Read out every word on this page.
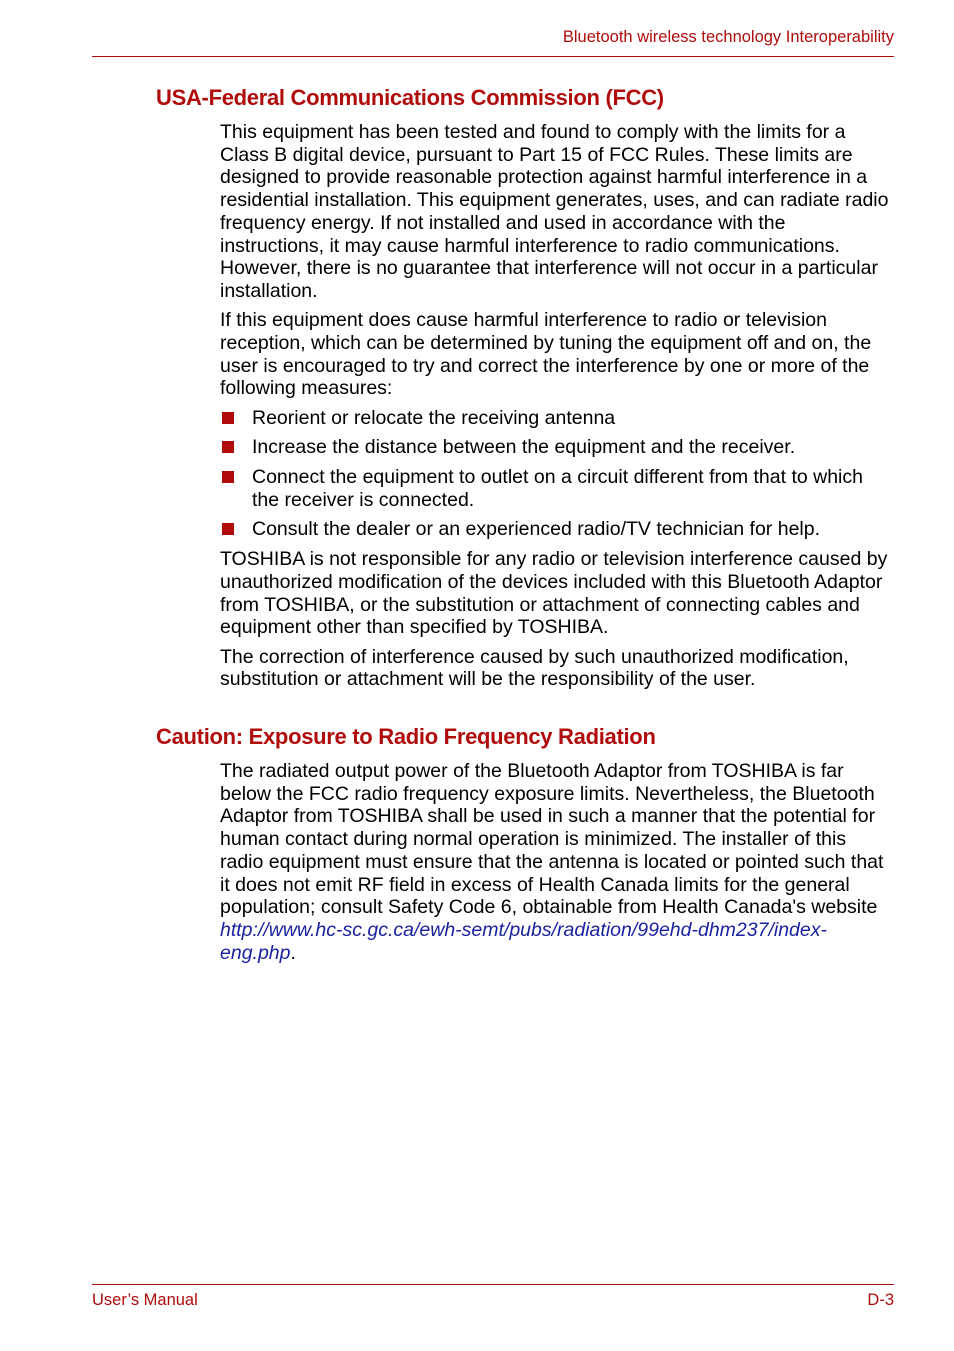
Bluetooth wireless technology Interoperability
USA-Federal Communications Commission (FCC)

This equipment has been tested and found to comply with the limits for a Class B digital device, pursuant to Part 15 of FCC Rules. These limits are designed to provide reasonable protection against harmful interference in a residential installation. This equipment generates, uses, and can radiate radio frequency energy. If not installed and used in accordance with the instructions, it may cause harmful interference to radio communications. However, there is no guarantee that interference will not occur in a particular installation.

If this equipment does cause harmful interference to radio or television reception, which can be determined by tuning the equipment off and on, the user is encouraged to try and correct the interference by one or more of the following measures:

Reorient or relocate the receiving antenna
Increase the distance between the equipment and the receiver.
Connect the equipment to outlet on a circuit different from that to which the receiver is connected.
Consult the dealer or an experienced radio/TV technician for help.

TOSHIBA is not responsible for any radio or television interference caused by unauthorized modification of the devices included with this Bluetooth Adaptor from TOSHIBA, or the substitution or attachment of connecting cables and equipment other than specified by TOSHIBA.

The correction of interference caused by such unauthorized modification, substitution or attachment will be the responsibility of the user.

Caution: Exposure to Radio Frequency Radiation

The radiated output power of the Bluetooth Adaptor from TOSHIBA is far below the FCC radio frequency exposure limits. Nevertheless, the Bluetooth Adaptor from TOSHIBA shall be used in such a manner that the potential for human contact during normal operation is minimized. The installer of this radio equipment must ensure that the antenna is located or pointed such that it does not emit RF field in excess of Health Canada limits for the general population; consult Safety Code 6, obtainable from Health Canada's website http://www.hc-sc.gc.ca/ewh-semt/pubs/radiation/99ehd-dhm237/index-eng.php.

User’s Manual	D-3
